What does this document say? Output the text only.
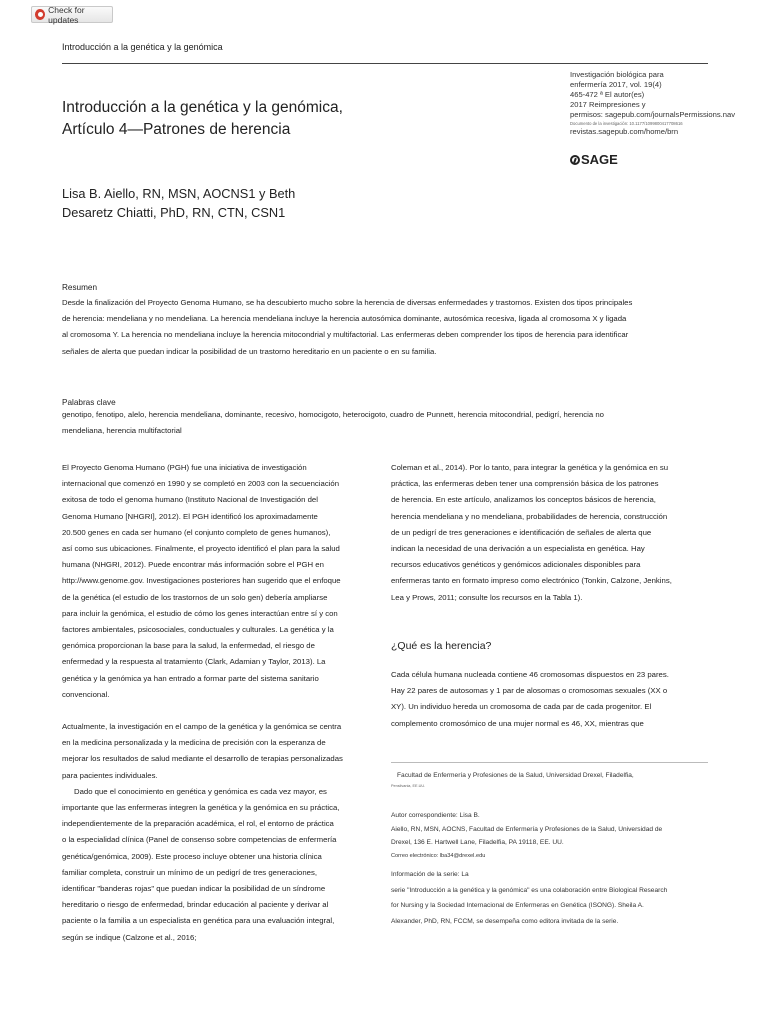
Check for updates
Introducción a la genética y la genómica
Introducción a la genética y la genómica,
Artículo 4—Patrones de herencia
Investigación biológica para
enfermería 2017, vol. 19(4)
465-472 ª El autor(es)
2017 Reimpresiones y
permisos: sagepub.com/journalsPermissions.nav
Documento de la investigación: 10.1177/1099800417708616
revistas.sagepub.com/home/brn
SAGE
Lisa B. Aiello, RN, MSN, AOCNS1 y Beth
Desaretz Chiatti, PhD, RN, CTN, CSN1
Resumen
Desde la finalización del Proyecto Genoma Humano, se ha descubierto mucho sobre la herencia de diversas enfermedades y trastornos. Existen dos tipos principales
de herencia: mendeliana y no mendeliana. La herencia mendeliana incluye la herencia autosómica dominante, autosómica recesiva, ligada al cromosoma X y ligada
al cromosoma Y. La herencia no mendeliana incluye la herencia mitocondrial y multifactorial. Las enfermeras deben comprender los tipos de herencia para identificar
señales de alerta que puedan indicar la posibilidad de un trastorno hereditario en un paciente o en su familia.
Palabras clave
genotipo, fenotipo, alelo, herencia mendeliana, dominante, recesivo, homocigoto, heterocigoto, cuadro de Punnett, herencia mitocondrial, pedigrí, herencia no
mendeliana, herencia multifactorial
El Proyecto Genoma Humano (PGH) fue una iniciativa de investigación
internacional que comenzó en 1990 y se completó en 2003 con la secuenciación
exitosa de todo el genoma humano (Instituto Nacional de Investigación del
Genoma Humano [NHGRI], 2012). El PGH identificó los aproximadamente
20.500 genes en cada ser humano (el conjunto completo de genes humanos),
así como sus ubicaciones. Finalmente, el proyecto identificó el plan para la salud
humana (NHGRI, 2012). Puede encontrar más información sobre el PGH en
http://www.genome.gov. Investigaciones posteriores han sugerido que el enfoque
de la genética (el estudio de los trastornos de un solo gen) debería ampliarse
para incluir la genómica, el estudio de cómo los genes interactúan entre sí y con
factores ambientales, psicosociales, conductuales y culturales. La genética y la
genómica proporcionan la base para la salud, la enfermedad, el riesgo de
enfermedad y la respuesta al tratamiento (Clark, Adamian y Taylor, 2013). La
genética y la genómica ya han entrado a formar parte del sistema sanitario
convencional.
Actualmente, la investigación en el campo de la genética y la genómica se centra
en la medicina personalizada y la medicina de precisión con la esperanza de
mejorar los resultados de salud mediante el desarrollo de terapias personalizadas
para pacientes individuales.
Dado que el conocimiento en genética y genómica es cada vez mayor, es
importante que las enfermeras integren la genética y la genómica en su práctica,
independientemente de la preparación académica, el rol, el entorno de práctica
o la especialidad clínica (Panel de consenso sobre competencias de enfermería
genética/genómica, 2009). Este proceso incluye obtener una historia clínica
familiar completa, construir un mínimo de un pedigrí de tres generaciones,
identificar "banderas rojas" que puedan indicar la posibilidad de un síndrome
hereditario o riesgo de enfermedad, brindar educación al paciente y derivar al
paciente o la familia a un especialista en genética para una evaluación integral,
según se indique (Calzone et al., 2016;
Coleman et al., 2014). Por lo tanto, para integrar la genética y la genómica en su
práctica, las enfermeras deben tener una comprensión básica de los patrones
de herencia. En este artículo, analizamos los conceptos básicos de herencia,
herencia mendeliana y no mendeliana, probabilidades de herencia, construcción
de un pedigrí de tres generaciones e identificación de señales de alerta que
indican la necesidad de una derivación a un especialista en genética. Hay
recursos educativos genéticos y genómicos adicionales disponibles para
enfermeras tanto en formato impreso como electrónico (Tonkin, Calzone, Jenkins,
Lea y Prows, 2011; consulte los recursos en la Tabla 1).
¿Qué es la herencia?
Cada célula humana nucleada contiene 46 cromosomas dispuestos en 23 pares.
Hay 22 pares de autosomas y 1 par de alosomas o cromosomas sexuales (XX o
XY). Un individuo hereda un cromosoma de cada par de cada progenitor. El
complemento cromosómico de una mujer normal es 46, XX, mientras que
Facultad de Enfermería y Profesiones de la Salud, Universidad Drexel, Filadelfia,
Pensilvania, EE.UU.
Autor correspondiente: Lisa B.
Aiello, RN, MSN, AOCNS, Facultad de Enfermería y Profesiones de la Salud, Universidad de
Drexel, 136 E. Hartwell Lane, Filadelfia, PA 19118, EE. UU.
Correo electrónico: lba34@drexel.edu
Información de la serie: La
serie "Introducción a la genética y la genómica" es una colaboración entre Biological Research
for Nursing y la Sociedad Internacional de Enfermeras en Genética (ISONG). Sheila A.
Alexander, PhD, RN, FCCM, se desempeña como editora invitada de la serie.
